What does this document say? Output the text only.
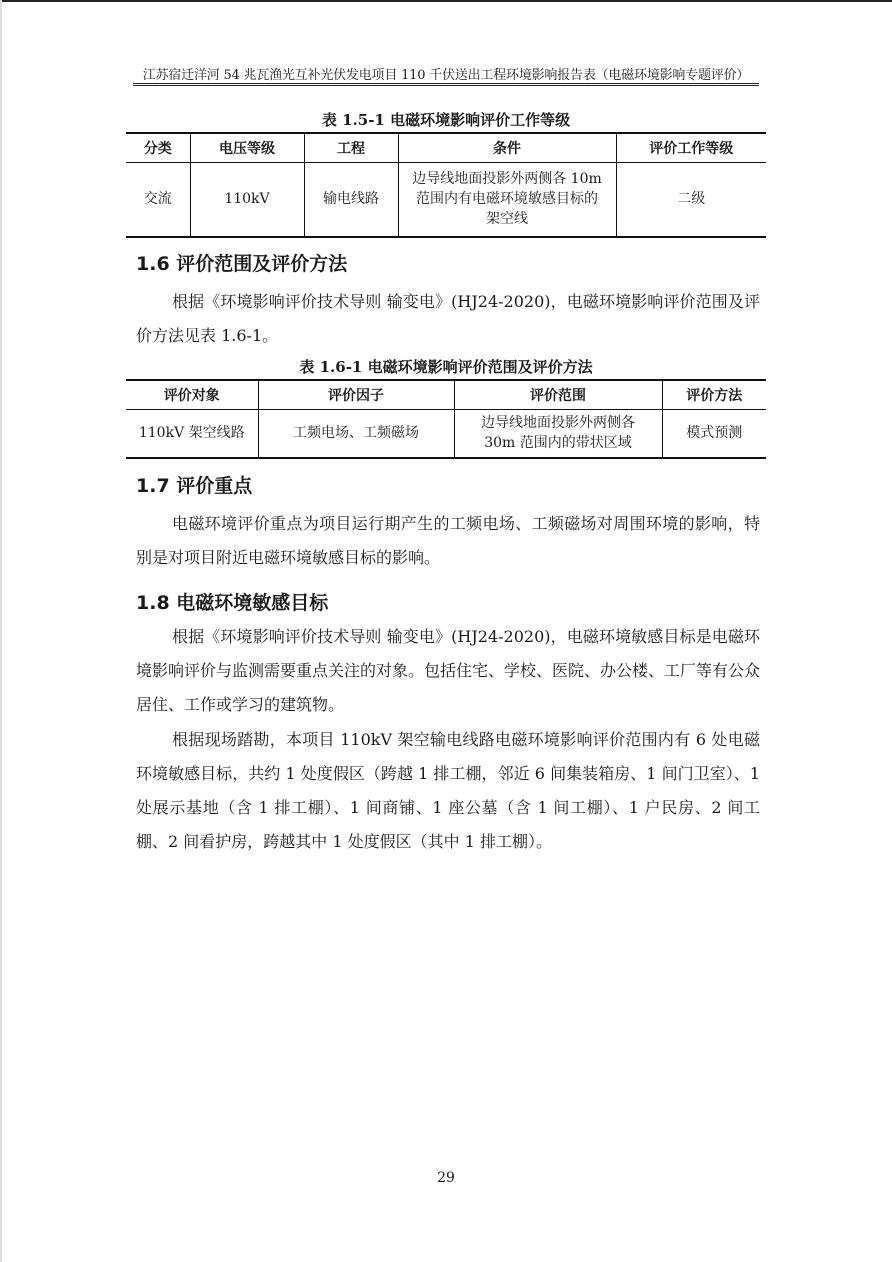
江苏宿迁洋河 54 兆瓦渔光互补光伏发电项目 110 千伏送出工程环境影响报告表（电磁环境影响专题评价）
表 1.5-1 电磁环境影响评价工作等级
分类	电压等级	工程	条件	评价工作等级
交流	110kV	输电线路	边导线地面投影外两侧各 10m 范围内有电磁环境敏感目标的架空线	二级
1.6 评价范围及评价方法
根据《环境影响评价技术导则 输变电》(HJ24-2020)，电磁环境影响评价范围及评价方法见表 1.6-1。
表 1.6-1 电磁环境影响评价范围及评价方法
评价对象	评价因子	评价范围	评价方法
110kV 架空线路	工频电场、工频磁场	边导线地面投影外两侧各 30m 范围内的带状区域	模式预测
1.7 评价重点
电磁环境评价重点为项目运行期产生的工频电场、工频磁场对周围环境的影响，特别是对项目附近电磁环境敏感目标的影响。
1.8 电磁环境敏感目标
根据《环境影响评价技术导则 输变电》(HJ24-2020)，电磁环境敏感目标是电磁环境影响评价与监测需要重点关注的对象。包括住宅、学校、医院、办公楼、工厂等有公众居住、工作或学习的建筑物。
根据现场踏勘，本项目 110kV 架空输电线路电磁环境影响评价范围内有 6 处电磁环境敏感目标，共约 1 处度假区（跨越 1 排工棚，邻近 6 间集装箱房、1 间门卫室）、1 处展示基地（含 1 排工棚）、1 间商铺、1 座公墓（含 1 间工棚）、1 户民房、2 间工棚、2 间看护房，跨越其中 1 处度假区（其中 1 排工棚）。
29
